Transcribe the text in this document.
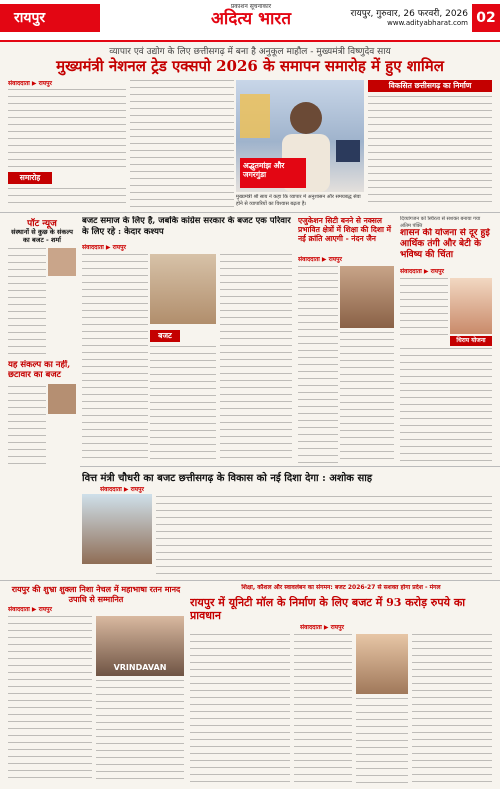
रायपुर
प्रकाशन सूचनाकार
अदित्य भारत	रायपुर, गुरुवार, 26 फरवरी, 2026
www.adityabharat.com 02
व्यापार एवं उद्योग के लिए छत्तीसगढ़ में बना है अनुकूल माहौल - मुख्यमंत्री विष्णुदेव साय
मुख्यमंत्री नेशनल ट्रेड एक्सपो 2026 के समापन समारोह में हुए शामिल
संवाददाता ▶ रायपुर
समारोह
अद्भुतमांझ और जगरगुंडा
मुख्यमंत्री श्री साय ने कहा कि व्यापार में अनुशासन और समयबद्ध सेवा होने से व्यापारियों का विश्वास बढ़ता है।
विकसित छत्तीसगढ़ का निर्माण
पॉट न्यूज
संस्थानों से कुछ के संकल्प का बजट - शर्मा
यह संकल्प का नहीं, छटावार का बजट
बजट समाज के लिए है, जबकि कांग्रेस सरकार के बजट एक परिवार के लिए रहे : केदार कश्यप
संवाददाता ▶ रायपुर
बजट
एजुकेशन सिटी बनने से नक्सल प्रभावित क्षेत्रों में शिक्षा की दिशा में नई क्रांति आएगी - नंदन जैन
संवाददाता ▶ रायपुर
दिव्यांगजन को स्थिरता से सशक्त बनाया गया अंतिम पंक्ति
शासन की योजना से दूर हुई आर्थिक तंगी और बेटी के भविष्य की चिंता
संवाददाता ▶ रायपुर
धिराय योजना
वित्त मंत्री चौधरी का बजट छत्तीसगढ़ के विकास को नई दिशा देगा : अशोक साह
संवाददाता ▶ रायपुर
रायपुर की शुभ्रा शुक्ला निशा नेचल में महाभाषा रतन मानद उपाधि से सम्मानित
संवाददाता ▶ रायपुर
VRINDAVAN
शिक्षा, कौशल और स्वावलंबन का संगमन: बजट 2026-27 से सशक्त होगा प्रदेश - मंगल
रायपुर में यूनिटी मॉल के निर्माण के लिए बजट में 93 करोड़ रुपये का प्रावधान
संवाददाता ▶ रायपुर
